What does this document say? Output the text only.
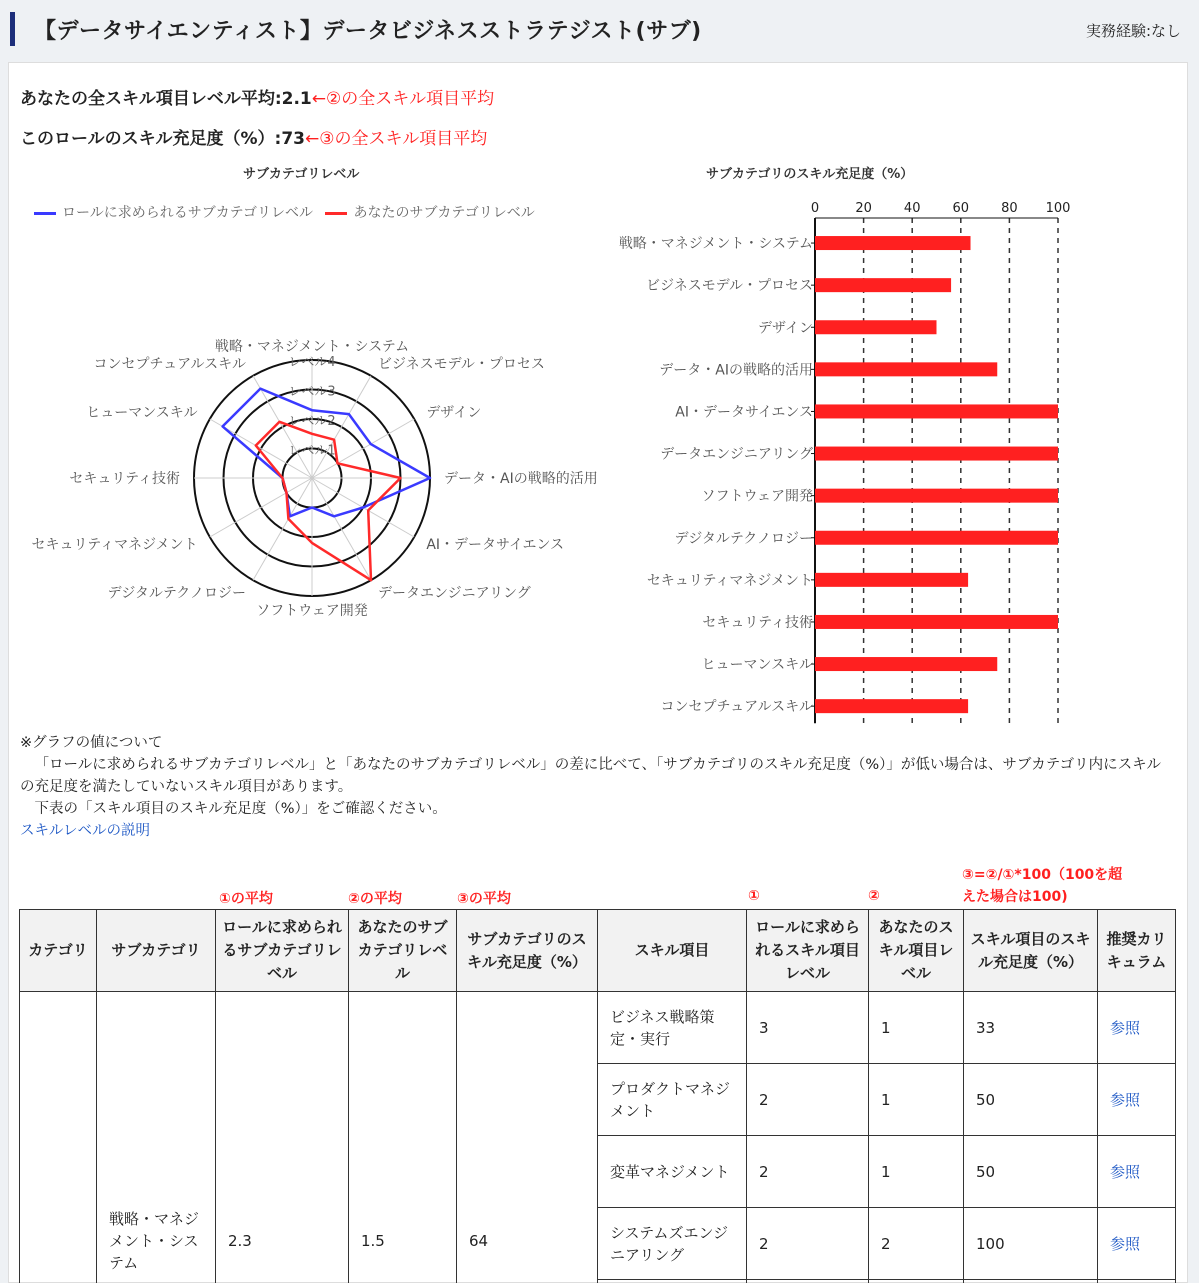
【データサイエンティスト】データビジネスストラテジスト(サブ)	実務経験:なし
あなたの全スキル項目レベル平均:2.1←②の全スキル項目平均
このロールのスキル充足度（%）:73←③の全スキル項目平均
サブカテゴリレベル	サブカテゴリのスキル充足度（%）
ロールに求められるサブカテゴリレベル	あなたのサブカテゴリレベル
レベル1
レベル2
レベル3
レベル4
戦略・マネジメント・システム
ビジネスモデル・プロセス
デザイン
データ・AIの戦略的活用
AI・データサイエンス
データエンジニアリング
ソフトウェア開発
デジタルテクノロジー
セキュリティマネジメント
セキュリティ技術
ヒューマンスキル
コンセプチュアルスキル
0	20 40 60 80 100
戦略・マネジメント・システム
ビジネスモデル・プロセス
デザイン
データ・AIの戦略的活用
AI・データサイエンス
データエンジニアリング
ソフトウェア開発
デジタルテクノロジー
セキュリティマネジメント
セキュリティ技術
ヒューマンスキル
コンセプチュアルスキル
※グラフの値について
「ロールに求められるサブカテゴリレベル」と「あなたのサブカテゴリレベル」の差に比べて、「サブカテゴリのスキル充足度（%）」が低い場合は、サブカテゴリ内にスキルの充足度を満たしていないスキル項目があります。
下表の「スキル項目のスキル充足度（%）」をご確認ください。
スキルレベルの説明
①の平均	②の平均	③の平均	①	②
③=②/①*100（100を超
えた場合は100)
カテゴリ	サブカテゴリ	ロールに求められるサブカテゴリレベル	あなたのサブカテゴリレベル	サブカテゴリのスキル充足度（%）	スキル項目	ロールに求められるスキル項目レベル	あなたのスキル項目レベル	スキル項目のスキル充足度（%）	推奨カリキュラム
	戦略・マネジメント・システム	2.3	1.5	64	ビジネス戦略策定・実行	3	1	33	参照
					プロダクトマネジメント	2	1	50	参照
					変革マネジメント	2	1	50	参照
					システムズエンジニアリング	2	2	100	参照
